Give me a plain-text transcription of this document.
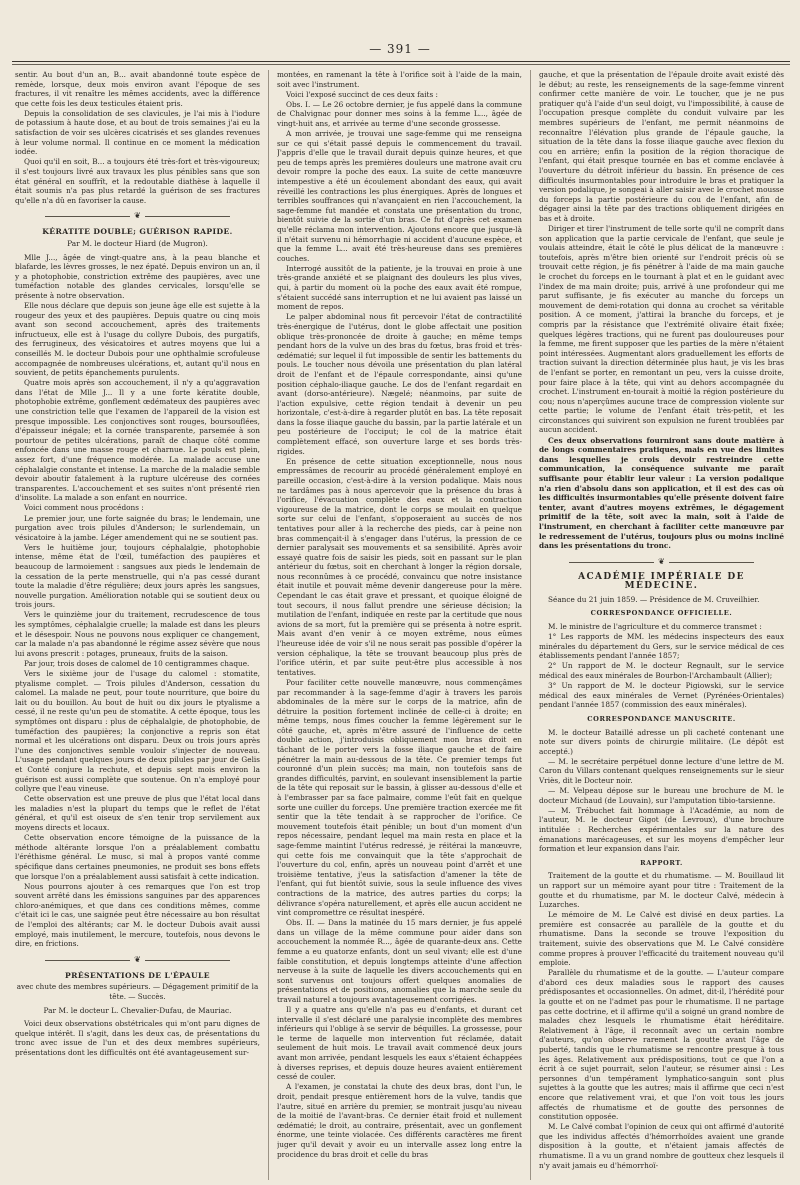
— 391 —

sentir. Au bout d'un an, B... avait abandonné toute espèce de remède, lorsque, deux mois environ avant l'époque de ses fractures, il vit renaître les mêmes accidents, avec la différence que cette fois les deux testicules étaient pris.

Depuis la consolidation de ses clavicules, je l'ai mis à l'iodure de potassium à haute dose, et au bout de trois semaines j'ai eu la satisfaction de voir ses ulcères cicatrisés et ses glandes revenues à leur volume normal. Il continue en ce moment la médication iodée.

Quoi qu'il en soit, B... a toujours été très-fort et très-vigoureux; il s'est toujours livré aux travaux les plus pénibles sans que son état général en souffrît, et la redoutable diathèse à laquelle il était soumis n'a pas plus retardé la guérison de ses fractures qu'elle n'a dû en favoriser la cause.

❦
KÉRATITE DOUBLE; GUÉRISON RAPIDE.
Par M. le docteur Hiard (de Mugron).

Mlle J..., âgée de vingt-quatre ans, à la peau blanche et blafarde, les lèvres grosses, le nez épaté. Depuis environ un an, il y a photophobie, constriction extrême des paupières, avec une tuméfaction notable des glandes cervicales, lorsqu'elle se présente à notre observation.

Elle nous déclare que depuis son jeune âge elle est sujette à la rougeur des yeux et des paupières. Depuis quatre ou cinq mois avant son second accouchement, après des traitements infructueux, elle est à l'usage du collyre Dubois, des purgatifs, des ferrugineux, des vésicatoires et autres moyens que lui a conseillés M. le docteur Dubois pour une ophthalmie scrofuleuse accompagnée de nombreuses ulcérations, et, autant qu'il nous en souvient, de petits épanchements purulents.

Quatre mois après son accouchement, il n'y a qu'aggravation dans l'état de Mlle J... Il y a une forte kératite double, photophobie extrême, gonflement œdémateux des paupières avec une constriction telle que l'examen de l'appareil de la vision est presque impossible. Les conjonctives sont rouges, boursouflées, d'épaisseur inégale; et la cornée transparente, parsemée à son pourtour de petites ulcérations, paraît de chaque côté comme enfoncée dans une masse rouge et charnue. Le pouls est plein, assez fort, d'une fréquence modérée. La malade accuse une céphalalgie constante et intense. La marche de la maladie semble devoir aboutir fatalement à la rupture ulcéreuse des cornées transparentes. L'accouchement et ses suites n'ont présenté rien d'insolite. La malade a son enfant en nourrice.

Voici comment nous procédons :

Le premier jour, une forte saignée du bras; le lendemain, une purgation avec trois pilules d'Anderson; le surlendemain, un vésicatoire à la jambe. Léger amendement qui ne se soutient pas.

Vers le huitième jour, toujours céphalalgie, photophobie intense, même état de l'œil, tuméfaction des paupières et beaucoup de larmoiement : sangsues aux pieds le lendemain de la cessation de la perte menstruelle, qui n'a pas cessé durant toute la maladie d'être régulière; deux jours après les sangsues, nouvelle purgation. Amélioration notable qui se soutient deux ou trois jours.

Vers le quinzième jour du traitement, recrudescence de tous les symptômes, céphalalgie cruelle; la malade est dans les pleurs et le désespoir. Nous ne pouvons nous expliquer ce changement, car la malade n'a pas abandonné le régime assez sévère que nous lui avons prescrit : potages, pruneaux, fruits de la saison.

Par jour, trois doses de calomel de 10 centigrammes chaque.

Vers le sixième jour de l'usage du calomel : stomatite, ptyalisme complet. — Trois pilules d'Anderson, cessation du calomel. La malade ne peut, pour toute nourriture, que boire du lait ou du bouillon. Au bout de huit ou dix jours le ptyalisme a cessé, il ne reste qu'un peu de stomatite. A cette époque, tous les symptômes ont disparu : plus de céphalalgie, de photophobie, de tuméfaction des paupières; la conjonctive a repris son état normal et les ulcérations ont disparu. Deux ou trois jours après l'une des conjonctives semble vouloir s'injecter de nouveau. L'usage pendant quelques jours de deux pilules par jour de Gelis et Conté conjure la rechute, et depuis sept mois environ la guérison est aussi complète que soutenue. On n'a employé pour collyre que l'eau vineuse.

Cette observation est une preuve de plus que l'état local dans les maladies n'est la plupart du temps que le reflet de l'état général, et qu'il est oiseux de s'en tenir trop servilement aux moyens directs et locaux.

Cette observation encore témoigne de la puissance de la méthode altérante lorsque l'on a préalablement combattu l'éréthisme général. Le musc, si mal à propos vanté comme spécifique dans certaines pneumonies, ne produit ses bons effets que lorsque l'on a préalablement aussi satisfait à cette indication.

Nous pourrons ajouter à ces remarques que l'on est trop souvent arrêté dans les émissions sanguines par des apparences chloro-anémiques, et que dans ces conditions mêmes, comme c'était ici le cas, une saignée peut être nécessaire au bon résultat de l'emploi des altérants; car M. le docteur Dubois avait aussi employé, mais inutilement, le mercure, toutefois, nous devons le dire, en frictions.

❦
PRÉSENTATIONS DE L'ÉPAULE
avec chute des membres supérieurs. — Dégagement primitif de la tête. — Succès.
Par M. le docteur L. Chevalier-Dufau, de Mauriac.

Voici deux observations obstétricales qui m'ont paru dignes de quelque intérêt. Il s'agit, dans les deux cas, de présentations du tronc avec issue de l'un et des deux membres supérieurs, présentations dont les difficultés ont été avantageusement sur-

montées, en ramenant la tête à l'orifice soit à l'aide de la main, soit avec l'instrument.

Voici l'exposé succinct de ces deux faits :

Obs. I. — Le 26 octobre dernier, je fus appelé dans la commune de Chalvignac pour donner mes soins à la femme L..., âgée de vingt-huit ans, et arrivée au terme d'une seconde grossesse.

A mon arrivée, je trouvai une sage-femme qui me renseigna sur ce qui s'était passé depuis le commencement du travail. J'appris d'elle que le travail durait depuis quinze heures, et que peu de temps après les premières douleurs une matrone avait cru devoir rompre la poche des eaux. La suite de cette manœuvre intempestive a été un écoulement abondant des eaux, qui avait réveillé les contractions les plus énergiques. Après de longues et terribles souffrances qui n'avançaient en rien l'accouchement, la sage-femme fut mandée et constata une présentation du tronc, bientôt suivie de la sortie d'un bras. Ce fut d'après cet examen qu'elle réclama mon intervention. Ajoutons encore que jusque-là il n'était survenu ni hémorrhagie ni accident d'aucune espèce, et que la femme L... avait été très-heureuse dans ses premières couches.

Interrogé aussitôt de la patiente, je la trouvai en proie à une très-grande anxiété et se plaignant des douleurs les plus vives, qui, à partir du moment où la poche des eaux avait été rompue, s'étaient succédé sans interruption et ne lui avaient pas laissé un moment de repos.

Le palper abdominal nous fit percevoir l'état de contractilité très-énergique de l'utérus, dont le globe affectait une position oblique très-prononcée de droite à gauche; en même temps pendant hors de la vulve un des bras du fœtus, bras froid et très-œdématié; sur lequel il fut impossible de sentir les battements du pouls. Le toucher nous dévoila une présentation du plan latéral droit de l'enfant et de l'épaule correspondante, ainsi qu'une position céphalo-iliaque gauche. Le dos de l'enfant regardait en avant (dorso-antérieure). Nægelé; néanmoins, par suite de l'action expulsive, cette région tendait à devenir un peu horizontale, c'est-à-dire à regarder plutôt en bas. La tête reposait dans la fosse iliaque gauche du bassin, par la partie latérale et un peu postérieure de l'occiput; le col de la matrice était complètement effacé, son ouverture large et ses bords très-rigides.

En présence de cette situation exceptionnelle, nous nous empressâmes de recourir au procédé généralement employé en pareille occasion, c'est-à-dire à la version podalique. Mais nous ne tardâmes pas à nous apercevoir que la présence du bras à l'orifice, l'évacuation complète des eaux et la contraction vigoureuse de la matrice, dont le corps se moulait en quelque sorte sur celui de l'enfant, s'opposeraient au succès de nos tentatives pour aller à la recherche des pieds, car à peine non bras commençait-il à s'engager dans l'utérus, la pression de ce dernier paralysait ses mouvements et sa sensibilité. Après avoir essayé quatre fois de saisir les pieds, soit en passant sur le plan antérieur du fœtus, soit en cherchant à longer la région dorsale, nous reconnûmes à ce procédé, convaincu que notre insistance était inutile et pouvait même devenir dangereuse pour la mère. Cependant le cas était grave et pressant, et quoique éloigné de tout secours, il nous fallut prendre une sérieuse décision; la mutilation de l'enfant, indiquée en reste par la certitude que nous avions de sa mort, fut la première qui se présenta à notre esprit. Mais avant d'en venir à ce moyen extrême, nous eûmes l'heureuse idée de voir s'il ne nous serait pas possible d'opérer la version céphalique, la tête se trouvant beaucoup plus près de l'orifice utérin, et par suite peut-être plus accessible à nos tentatives.

Pour faciliter cette nouvelle manœuvre, nous commençâmes par recommander à la sage-femme d'agir à travers les parois abdominales de la mère sur le corps de la matrice, afin de détruire la position fortement inclinée de celle-ci à droite; en même temps, nous fîmes coucher la femme légèrement sur le côté gauche, et, après m'être assuré de l'influence de cette double action, j'introduisis obliquement mon bras droit en tâchant de le porter vers la fosse iliaque gauche et de faire pénétrer la main au-dessous de la tête. Ce premier temps fut couronné d'un plein succès; ma main, non toutefois sans de grandes difficultés, parvint, en soulevant insensiblement la partie de la tête qui reposait sur le bassin, à glisser au-dessous d'elle et à l'embrasser par sa face palmaire, comme l'eût fait en quelque sorte une cuiller du forceps. Une première traction exercée me fit sentir que la tête tendait à se rapprocher de l'orifice. Ce mouvement toutefois était pénible; un bout d'un moment d'un repos nécessaire, pendant lequel ma main resta en place et la sage-femme maintint l'utérus redressé, je réitérai la manœuvre, qui cette fois me convainquit que la tête s'approchait de l'ouverture du col, enfin, après un nouveau point d'arrêt et une troisième tentative, j'eus la satisfaction d'amener la tête de l'enfant, qui fut bientôt suivie, sous la seule influence des vives contractions de la matrice, des autres parties du corps; la délivrance s'opéra naturellement, et après elle aucun accident ne vint compromettre ce résultat inespéré.

Obs. II. — Dans la matinée du 15 mars dernier, je fus appelé dans un village de la même commune pour aider dans son accouchement la nommée R..., âgée de quarante-deux ans. Cette femme a eu quatorze enfants, dont un seul vivant; elle est d'une faible constitution, et depuis longtemps atteinte d'une affection nerveuse à la suite de laquelle les divers accouchements qui en sont survenus ont toujours offert quelques anomalies de présentations et de positions, anomalies que la marche seule du travail naturel a toujours avantageusement corrigées.

Il y a quatre ans qu'elle n'a pas eu d'enfants, et durant cet intervalle il s'est déclaré une paralysie incomplète des membres inférieurs qui l'oblige à se servir de béquilles. La grossesse, pour le terme de laquelle mon intervention fut réclamée, datait seulement de huit mois. Le travail avait commencé deux jours avant mon arrivée, pendant lesquels les eaux s'étaient échappées à diverses reprises, et depuis douze heures avaient entièrement cessé de couler.

A l'examen, je constatai la chute des deux bras, dont l'un, le droit, pendait presque entièrement hors de la vulve, tandis que l'autre, situé en arrière du premier, se montrait jusqu'au niveau de la moitié de l'avant-bras. Ce dernier était froid et nullement œdématié; le droit, au contraire, présentait, avec un gonflement énorme, une teinte violacée. Ces différents caractères me firent juger qu'il devait y avoir eu un intervalle assez long entre la procidence du bras droit et celle du bras

gauche, et que la présentation de l'épaule droite avait existé dès le début; au reste, les renseignements de la sage-femme vinrent confirmer cette manière de voir. Le toucher, que je ne pus pratiquer qu'à l'aide d'un seul doigt, vu l'impossibilité, à cause de l'occupation presque complète du conduit vulvaire par les membres supérieurs de l'enfant, me permit néanmoins de reconnaître l'élévation plus grande de l'épaule gauche, la situation de la tête dans la fosse iliaque gauche avec flexion du cou en arrière; enfin la position de la région thoracique de l'enfant, qui était presque tournée en bas et comme enclavée à l'ouverture du détroit inférieur du bassin. En présence de ces difficultés insurmontables pour introduire le bras et pratiquer la version podalique, je songeai à aller saisir avec le crochet mousse du forceps la partie postérieure du cou de l'enfant, afin de dégager ainsi la tête par des tractions obliquement dirigées en bas et à droite.

Diriger et tirer l'instrument de telle sorte qu'il ne comprît dans son application que la partie cervicale de l'enfant, que seule je voulais atteindre, était le côté le plus délicat de la manœuvre : toutefois, après m'être bien orienté sur l'endroit précis où se trouvait cette région, je fis pénétrer à l'aide de ma main gauche le crochet du forceps en le tournant à plat et en le guidant avec l'index de ma main droite; puis, arrivé à une profondeur qui me parut suffisante, je fis exécuter au manche du forceps un mouvement de demi-rotation qui donna au crochet sa véritable position. A ce moment, j'attirai la branche du forceps, et je compris par la résistance que l'extrémité olivaire était fixée; quelques légères tractions, qui ne furent pas douloureuses pour la femme, me firent supposer que les parties de la mère n'étaient point intéressées. Augmentant alors graduellement les efforts de traction suivant la direction déterminée plus haut, je vis les bras de l'enfant se porter, en remontant un peu, vers la cuisse droite, pour faire place à la tête, qui vint au dehors accompagnée du crochet. L'instrument en-tourait à moitié la région postérieure du cou; nous n'aperçûmes aucune trace de compression violente sur cette partie; le volume de l'enfant était très-petit, et les circonstances qui suivirent son expulsion ne furent troublées par aucun accident.

Ces deux observations fourniront sans doute matière à de longs commentaires pratiques, mais en vue des limites dans lesquelles je crois devoir restreindre cette communication, la conséquence suivante me paraît suffisante pour établir leur valeur : La version podalique n'a rien d'absolu dans son application, et il est des cas où les difficultés insurmontables qu'elle présente doivent faire tenter, avant d'autres moyens extrêmes, le dégagement primitif de la tête, soit avec la main, soit à l'aide de l'instrument, en cherchant à faciliter cette manœuvre par le redressement de l'utérus, toujours plus ou moins incliné dans les présentations du tronc.

❦
ACADÉMIE IMPÉRIALE DE MÉDECINE.

Séance du 21 juin 1859. — Présidence de M. Cruveilhier.

CORRESPONDANCE OFFICIELLE.

M. le ministre de l'agriculture et du commerce transmet :

1° Les rapports de MM. les médecins inspecteurs des eaux minérales du département du Gers, sur le service médical de ces établissements pendant l'année 1857;

2° Un rapport de M. le docteur Regnault, sur le service médical des eaux minérales de Bourbon-l'Archambault (Allier);

3° Un rapport de M. le docteur Pigiowski, sur le service médical des eaux minérales de Vernet (Pyrénées-Orientales) pendant l'année 1857 (commission des eaux minérales).

CORRESPONDANCE MANUSCRITE.

M. le docteur Bataillé adresse un pli cacheté contenant une note sur divers points de chirurgie militaire. (Le dépôt est accepté.)

— M. le secrétaire perpétuel donne lecture d'une lettre de M. Caron du Villars contenant quelques renseignements sur le sieur Vriès, dit le Docteur noir.

— M. Velpeau dépose sur le bureau une brochure de M. le docteur Michaud (de Louvain), sur l'amputation tibio-tarsienne.

— M. Trébuchet fait hommage à l'Académie, au nom de l'auteur, M. le docteur Gigot (de Levroux), d'une brochure intitulée : Recherches expérimentales sur la nature des émanations marécageuses, et sur les moyens d'empêcher leur formation et leur expansion dans l'air.

RAPPORT.

Traitement de la goutte et du rhumatisme. — M. Bouillaud lit un rapport sur un mémoire ayant pour titre : Traitement de la goutte et du rhumatisme, par M. le docteur Calvé, médecin à Luzarches.

Le mémoire de M. Le Calvé est divisé en deux parties. La première est consacrée au parallèle de la goutte et du rhumatisme. Dans la seconde se trouve l'exposition du traitement, suivie des observations que M. Le Calvé considère comme propres à prouver l'efficacité du traitement nouveau qu'il emploie.

Parallèle du rhumatisme et de la goutte. — L'auteur compare d'abord ces deux maladies sous le rapport des causes prédisposantes et occasionnelles. On admet, dit-il, l'hérédité pour la goutte et on ne l'admet pas pour le rhumatisme. Il ne partage pas cette doctrine, et il affirme qu'il a soigné un grand nombre de malades chez lesquels le rhumatisme était héréditaire. Relativement à l'âge, il reconnaît avec un certain nombre d'auteurs, qu'on observe rarement la goutte avant l'âge de puberté, tandis que le rhumatisme se rencontre presque à tous les âges. Relativement aux prédispositions, tout ce que l'on a écrit à ce sujet pourrait, selon l'auteur, se résumer ainsi : Les personnes d'un tempérament lymphatico-sanguin sont plus sujettes à la goutte que les autres; mais il affirme que ceci n'est encore que relativement vrai, et que l'on voit tous les jours affectés de rhumatisme et de goutte des personnes de constitution opposée.

M. Le Calvé combat l'opinion de ceux qui ont affirmé d'autorité que les individus affectés d'hémorrhoïdes avaient une grande disposition à la goutte, et n'étaient jamais affectés de rhumatisme. Il a vu un grand nombre de goutteux chez lesquels il n'y avait jamais eu d'hémorrhoï-
